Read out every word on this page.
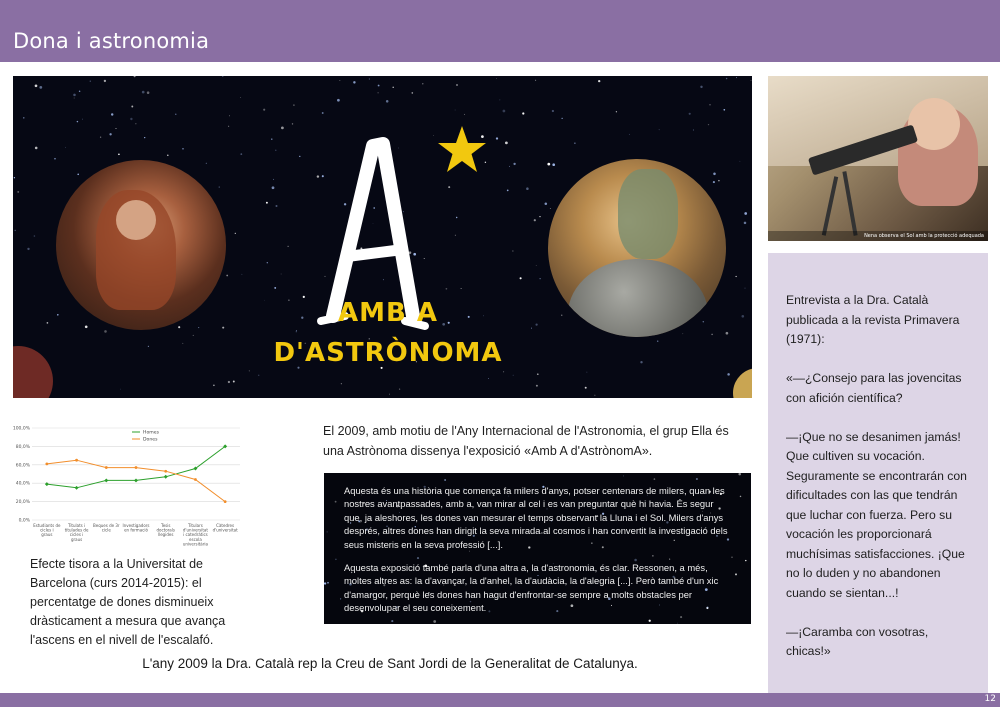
Dona i astronomia
AMB A
D'ASTRÒNOMA
Nena observa el Sol amb la protecció adequada

Entrevista a la Dra. Català publicada a la revista Primavera (1971):

«—¿Consejo para las jovencitas con afición científica?

—¡Que no se desanimen jamás! Que cultiven su vocación. Seguramente se encontrarán con dificultades con las que tendrán que luchar con fuerza. Pero su vocación les proporcionará muchísimas satisfacciones. ¡Que no lo duden y no abandonen cuando se sientan...!

—¡Caramba con vosotras, chicas!»

0,0%
20,0%
40,0%
60,0%
80,0%
100,0%
Estudiants de cicles i graus
Titulats i titulades de cicles i graus
Beques de 3r cicle
Investigadors en formació
Tesis doctorals llegides
Titulars d'universitat i catedràtics escola universitària
Càtedres d'universitat
Homes
Dones
Efecte tisora a la Universitat de Barcelona (curs 2014-2015): el percentatge de dones disminueix dràsticament a mesura que avança l'ascens en el nivell de l'escalafó.
El 2009, amb motiu de l'Any Internacional de l'Astronomia, el grup Ella és una Astrònoma dissenya l'exposició «Amb A d'AstrònomA».

Aquesta és una història que comença fa milers d'anys, potser centenars de milers, quan les nostres avantpassades, amb a, van mirar al cel i es van preguntar què hi havia. És segur que, ja aleshores, les dones van mesurar el temps observant la Lluna i el Sol. Milers d'anys després, altres dones han dirigit la seva mirada al cosmos i han convertit la investigació dels seus misteris en la seva professió [...].

Aquesta exposició també parla d'una altra a, la d'astronomia, és clar. Ressonen, a més, moltes altres as: la d'avançar, la d'anhel, la d'audàcia, la d'alegria [...]. Però també d'un xic d'amargor, perquè les dones han hagut d'enfrontar-se sempre a molts obstacles per desenvolupar el seu coneixement.

L'any 2009 la Dra. Català rep la Creu de Sant Jordi de la Generalitat de Catalunya.
12
